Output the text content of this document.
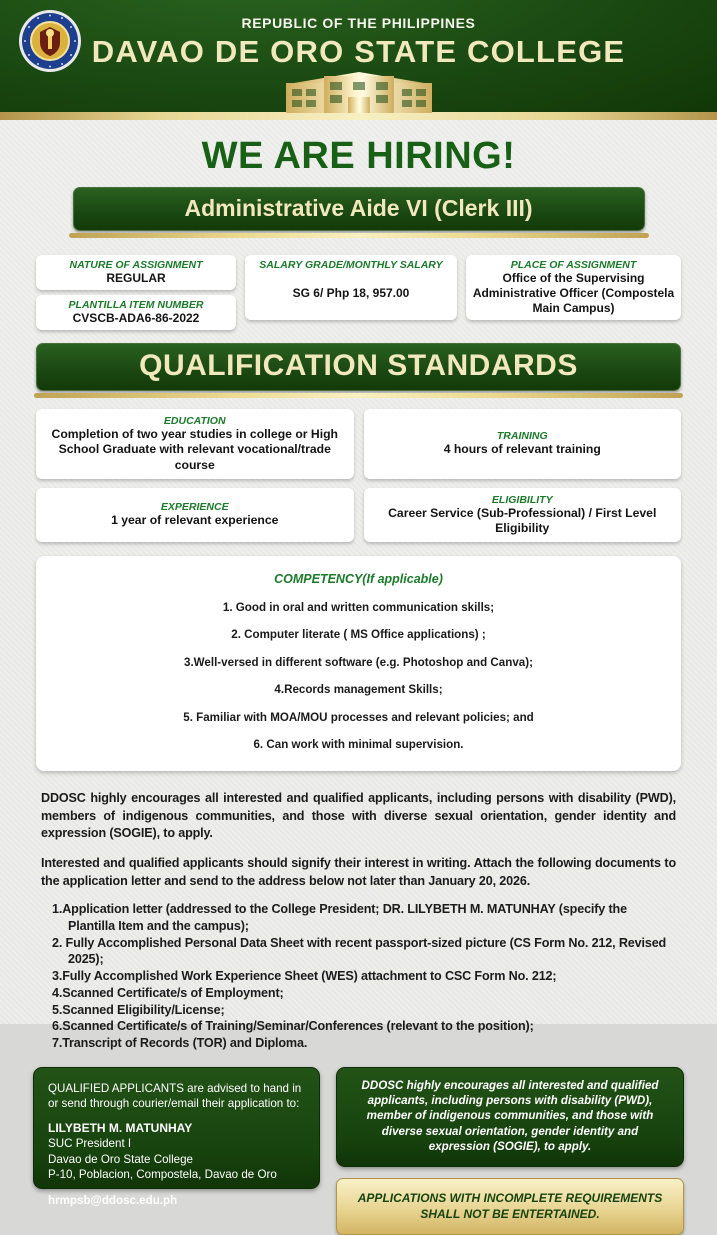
REPUBLIC OF THE PHILIPPINES
DAVAO DE ORO STATE COLLEGE
WE ARE HIRING!
Administrative Aide VI (Clerk III)
NATURE OF ASSIGNMENT
REGULAR
PLANTILLA ITEM NUMBER
CVSCB-ADA6-86-2022
SALARY GRADE/MONTHLY SALARY
SG 6/ Php 18, 957.00
PLACE OF ASSIGNMENT
Office of the Supervising Administrative Officer (Compostela Main Campus)
QUALIFICATION STANDARDS
EDUCATION
Completion of two year studies in college or High School Graduate with relevant vocational/trade course
TRAINING
4 hours of relevant training
EXPERIENCE
1 year of relevant experience
ELIGIBILITY
Career Service (Sub-Professional) / First Level Eligibility
COMPETENCY(If applicable)
1. Good in oral and written communication skills;
2. Computer literate ( MS Office applications) ;
3.Well-versed in different software (e.g. Photoshop and Canva);
4.Records management Skills;
5. Familiar with MOA/MOU processes and relevant policies; and
6. Can work with minimal supervision.
DDOSC highly encourages all interested and qualified applicants, including persons with disability (PWD), members of indigenous communities, and those with diverse sexual orientation, gender identity and expression (SOGIE), to apply.
Interested and qualified applicants should signify their interest in writing. Attach the following documents to the application letter and send to the address below not later than January 20, 2026.
1.Application letter (addressed to the College President; DR. LILYBETH M. MATUNHAY (specify the Plantilla Item and the campus);
2. Fully Accomplished Personal Data Sheet with recent passport-sized picture (CS Form No. 212, Revised 2025);
3.Fully Accomplished Work Experience Sheet (WES) attachment to CSC Form No. 212;
4.Scanned Certificate/s of Employment;
5.Scanned Eligibility/License;
6.Scanned Certificate/s of Training/Seminar/Conferences (relevant to the position);
7.Transcript of Records (TOR) and Diploma.
QUALIFIED APPLICANTS are advised to hand in or send through courier/email their application to:
LILYBETH M. MATUNHAY
SUC President I
Davao de Oro State College
P-10, Poblacion, Compostela, Davao de Oro
hrmpsb@ddosc.edu.ph
DDOSC highly encourages all interested and qualified applicants, including persons with disability (PWD), member of indigenous communities, and those with diverse sexual orientation, gender identity and expression (SOGIE), to apply.
APPLICATIONS WITH INCOMPLETE REQUIREMENTS SHALL NOT BE ENTERTAINED.
